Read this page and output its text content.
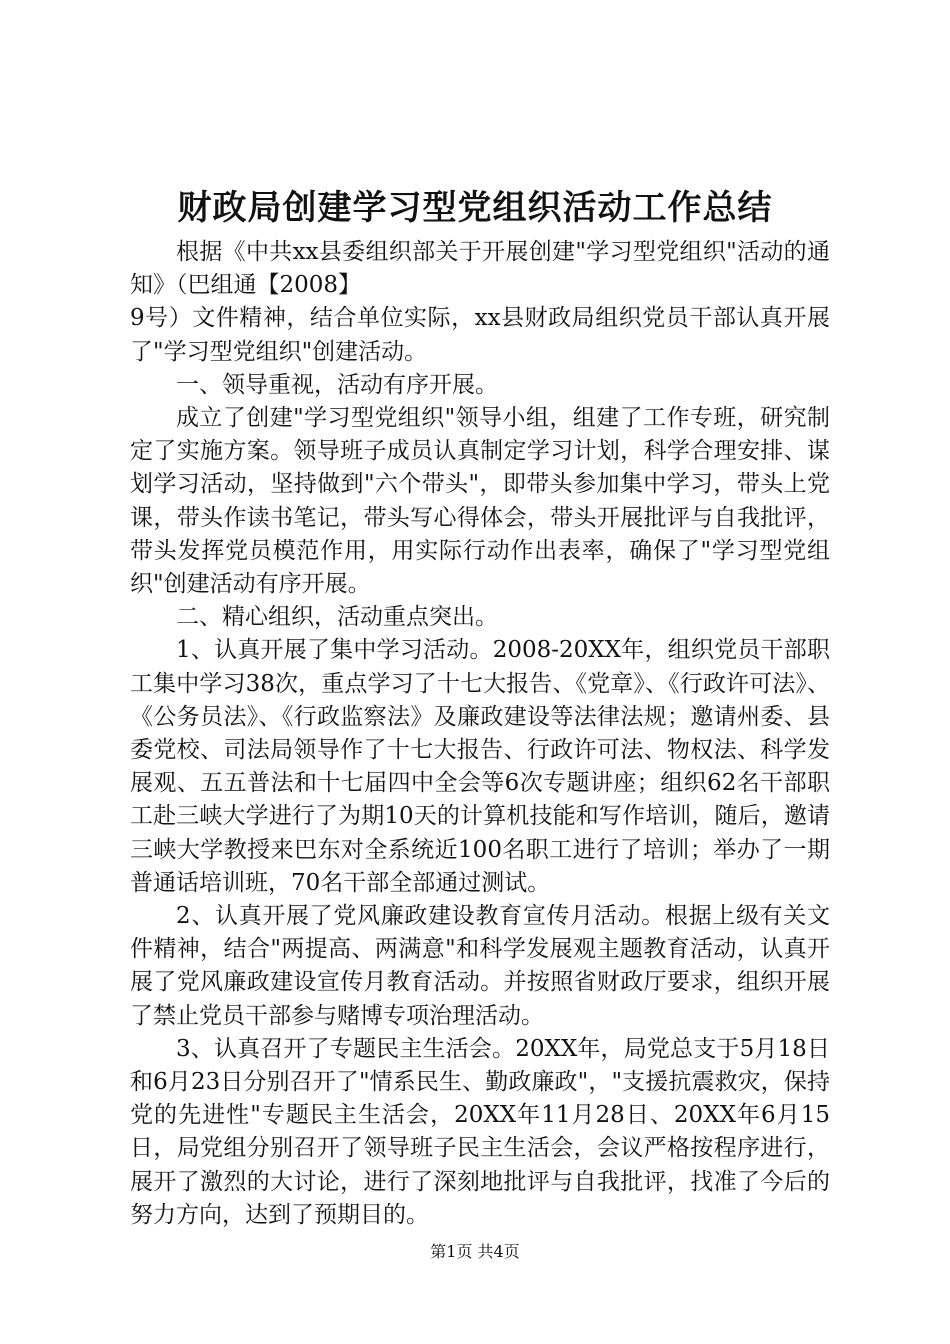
财政局创建学习型党组织活动工作总结

根据《中共xx县委组织部关于开展创建"学习型党组织"活动的通知》（巴组通【2008】

9号）文件精神，结合单位实际，xx县财政局组织党员干部认真开展了"学习型党组织"创建活动。

一、领导重视，活动有序开展。

成立了创建"学习型党组织"领导小组，组建了工作专班，研究制定了实施方案。领导班子成员认真制定学习计划，科学合理安排、谋划学习活动，坚持做到"六个带头"，即带头参加集中学习，带头上党课，带头作读书笔记，带头写心得体会，带头开展批评与自我批评，带头发挥党员模范作用，用实际行动作出表率，确保了"学习型党组织"创建活动有序开展。

二、精心组织，活动重点突出。

1、认真开展了集中学习活动。2008-20XX年，组织党员干部职工集中学习38次，重点学习了十七大报告、《党章》、《行政许可法》、《公务员法》、《行政监察法》及廉政建设等法律法规；邀请州委、县委党校、司法局领导作了十七大报告、行政许可法、物权法、科学发展观、五五普法和十七届四中全会等6次专题讲座；组织62名干部职工赴三峡大学进行了为期10天的计算机技能和写作培训，随后，邀请三峡大学教授来巴东对全系统近100名职工进行了培训；举办了一期普通话培训班，70名干部全部通过测试。

2、认真开展了党风廉政建设教育宣传月活动。根据上级有关文件精神，结合"两提高、两满意"和科学发展观主题教育活动，认真开展了党风廉政建设宣传月教育活动。并按照省财政厅要求，组织开展了禁止党员干部参与赌博专项治理活动。

3、认真召开了专题民主生活会。20XX年，局党总支于5月18日和6月23日分别召开了"情系民生、勤政廉政"，"支援抗震救灾，保持党的先进性"专题民主生活会，20XX年11月28日、20XX年6月15日，局党组分别召开了领导班子民主生活会，会议严格按程序进行，展开了激烈的大讨论，进行了深刻地批评与自我批评，找准了今后的努力方向，达到了预期目的。

第1页 共4页
